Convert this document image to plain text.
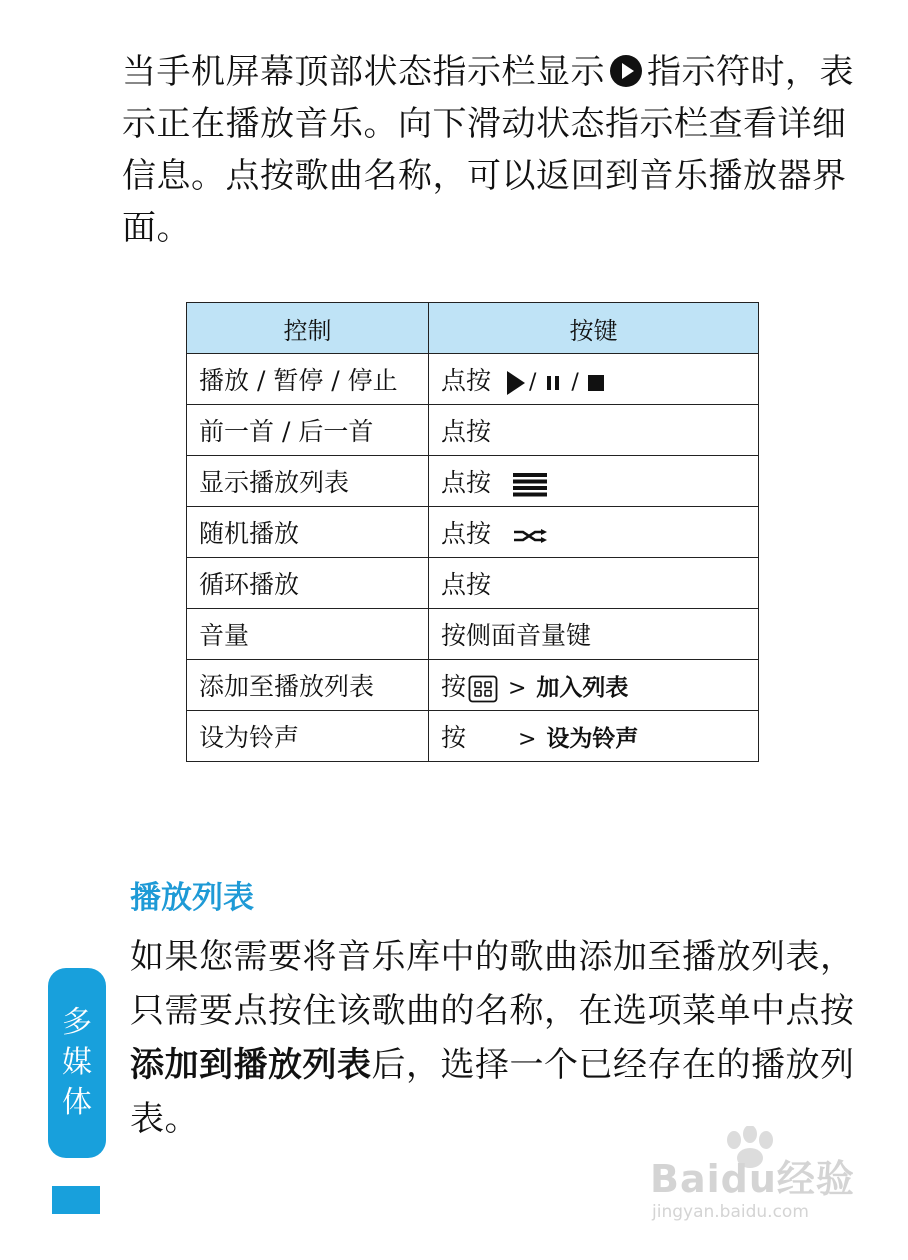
当手机屏幕顶部状态指示栏显示 指示符时，表示正在播放音乐。向下滑动状态指示栏查看详细信息。点按歌曲名称，可以返回到音乐播放器界面。

控制	按键
播放 / 暂停 / 停止	点按 / /
前一首 / 后一首	点按
显示播放列表	点按
随机播放	点按
循环播放	点按
音量	按侧面音量键
添加至播放列表	按 > 加入列表
设为铃声	按 > 设为铃声
播放列表

如果您需要将音乐库中的歌曲添加至播放列表，只需要点按住该歌曲的名称，在选项菜单中点按添加到播放列表后，选择一个已经存在的播放列表。

多
媒
体
Baidu经验
jingyan.baidu.com
